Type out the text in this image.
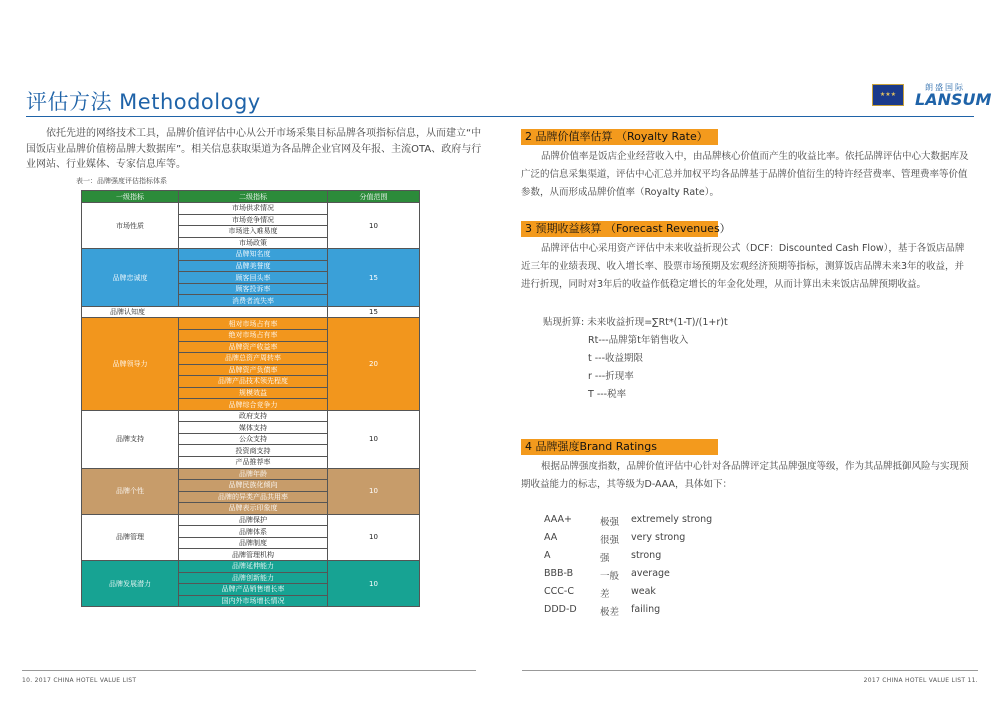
评估方法 Methodology	★★★
朗盛国际
LANSUM
依托先进的网络技术工具，品牌价值评估中心从公开市场采集目标品牌各项指标信息，从而建立“中国饭店业品牌价值榜品牌大数据库”。相关信息获取渠道为各品牌企业官网及年报、主流OTA、政府与行业网站、行业媒体、专家信息库等。
表一：品牌强度评估指标体系
一级指标	二级指标	分值范围
市场性质	市场供求情况	10
	市场竞争情况	
	市场进入难易度	
	市场政策	
品牌忠诚度	品牌知名度	15
	品牌美誉度	
	顾客回头率	
	顾客投诉率	
	消费者流失率	
品牌认知度		15
品牌领导力	相对市场占有率	20
	绝对市场占有率	
	品牌资产收益率	
	品牌总资产周转率	
	品牌资产负债率	
	品牌产品技术领先程度	
	规模效益	
	品牌综合竞争力	
品牌支持	政府支持	10
	媒体支持	
	公众支持	
	投资商支持	
	产品推荐率	
品牌个性	品牌年龄	10
	品牌民族化倾向	
	品牌的异类产品共用率	
	品牌表示印象度	
品牌管理	品牌保护	10
	品牌体系	
	品牌制度	
	品牌管理机构	
品牌发展潜力	品牌延伸能力	10
	品牌创新能力	
	品牌产品销售增长率	
	国内外市场增长情况	
2 品牌价值率估算 （Royalty Rate）
品牌价值率是饭店企业经营收入中，由品牌核心价值而产生的收益比率。依托品牌评估中心大数据库及广泛的信息采集渠道，评估中心汇总并加权平均各品牌基于品牌价值衍生的特许经营费率、管理费率等价值参数，从而形成品牌价值率（Royalty Rate）。
3 预期收益核算 （Forecast Revenues）
品牌评估中心采用资产评估中未来收益折现公式（DCF：Discounted Cash Flow），基于各饭店品牌近三年的业绩表现、收入增长率、股票市场预期及宏观经济预期等指标，测算饭店品牌未来3年的收益，并进行折现，同时对3年后的收益作低稳定增长的年金化处理，从而计算出未来饭店品牌预期收益。
贴现折算: 未来收益折现=∑Rt*(1-T)/(1+r)t
Rt---品牌第t年销售收入
t ---收益期限
r ---折现率
T ---税率
4 品牌强度Brand Ratings
根据品牌强度指数，品牌价值评估中心针对各品牌评定其品牌强度等级，作为其品牌抵御风险与实现预期收益能力的标志，其等级为D-AAA，具体如下：
AAA+	极强 extremely strong
AA	很强 very strong
A	强 strong
BBB-B	一般 average
CCC-C	差 weak
DDD-D 极差 failing
10. 2017 CHINA HOTEL VALUE LIST	2017 CHINA HOTEL VALUE LIST 11.
